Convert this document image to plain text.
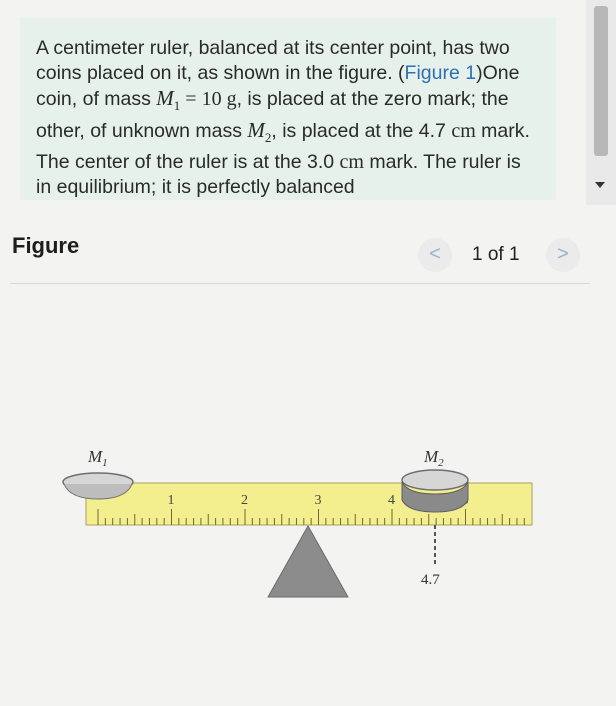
A centimeter ruler, balanced at its center point, has two coins placed on it, as shown in the figure. (Figure 1)One coin, of mass $M_1 = 10$ g, is placed at the zero mark; the other, of unknown mass $M_2$, is placed at the 4.7 cm mark. The center of the ruler is at the 3.0 cm mark. The ruler is in equilibrium; it is perfectly balanced
Figure	<	1 of 1	>
1	2	3	4
$M_1$	$M_2$
4.7
